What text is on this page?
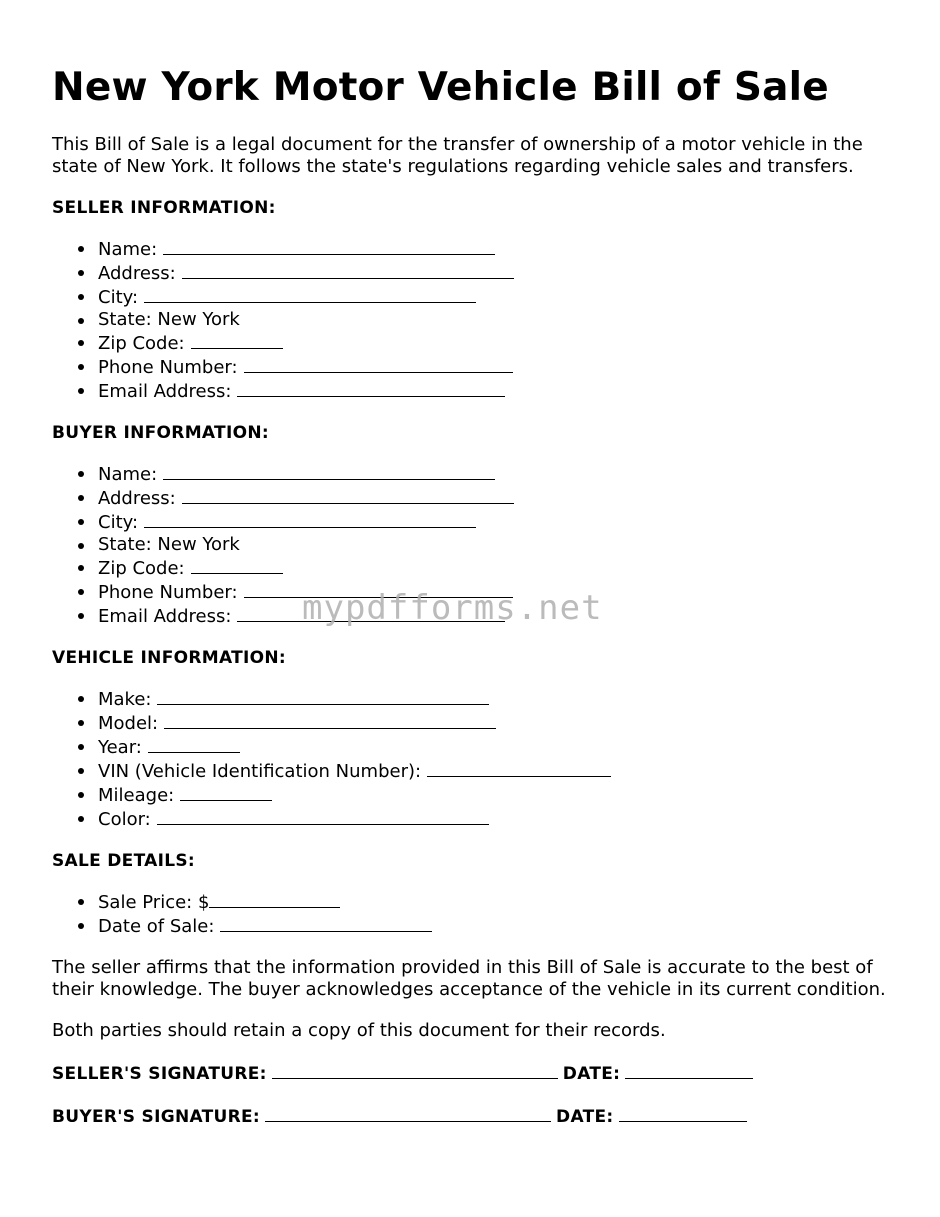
New York Motor Vehicle Bill of Sale

This Bill of Sale is a legal document for the transfer of ownership of a motor vehicle in the state of New York. It follows the state's regulations regarding vehicle sales and transfers.

SELLER INFORMATION:
Name:
Address:
City:
State: New York
Zip Code:
Phone Number:
Email Address:
BUYER INFORMATION:
Name:
Address:
City:
State: New York
Zip Code:
Phone Number:
Email Address:
VEHICLE INFORMATION:
Make:
Model:
Year:
VIN (Vehicle Identification Number):
Mileage:
Color:
SALE DETAILS:
Sale Price: $
Date of Sale:

The seller affirms that the information provided in this Bill of Sale is accurate to the best of their knowledge. The buyer acknowledges acceptance of the vehicle in its current condition.

Both parties should retain a copy of this document for their records.

SELLER'S SIGNATURE:	DATE:
BUYER'S SIGNATURE:	DATE:
mypdfforms.net
